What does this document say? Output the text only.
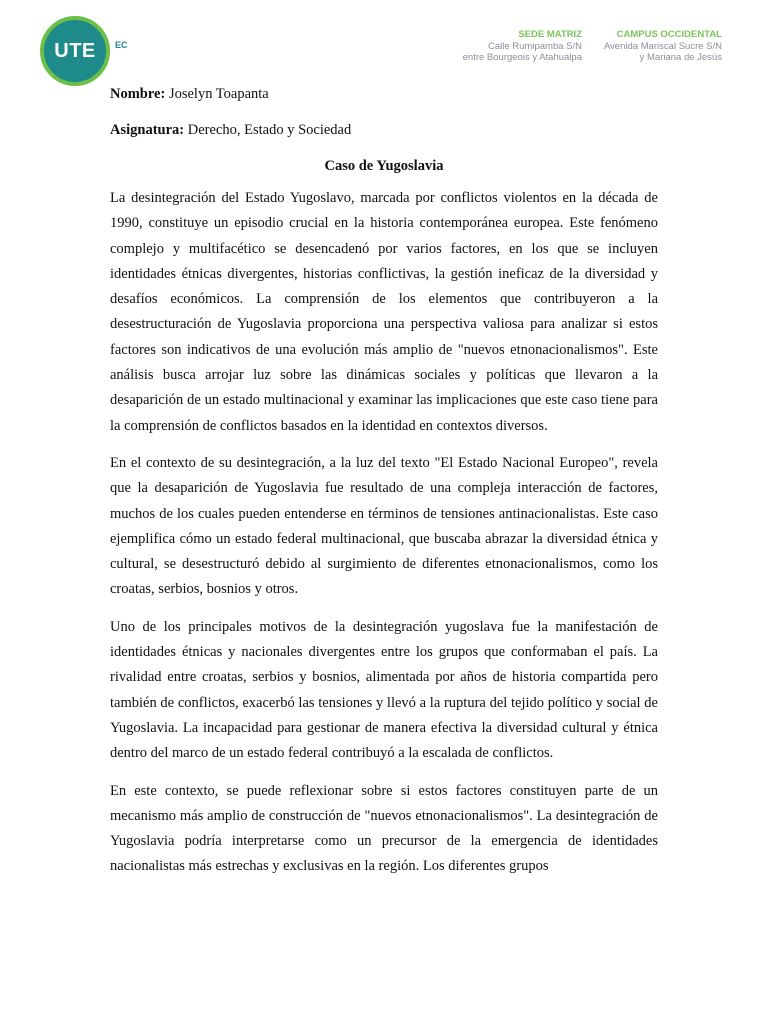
UTE EC
SEDE MATRIZ
Calle Rumipamba S/N
entre Bourgeois y Atahualpa
CAMPUS OCCIDENTAL
Avenida Mariscal Sucre S/N
y Mariana de Jesús

Nombre: Joselyn Toapanta

Asignatura: Derecho, Estado y Sociedad

Caso de Yugoslavia

La desintegración del Estado Yugoslavo, marcada por conflictos violentos en la década de 1990, constituye un episodio crucial en la historia contemporánea europea. Este fenómeno complejo y multifacético se desencadenó por varios factores, en los que se incluyen identidades étnicas divergentes, historias conflictivas, la gestión ineficaz de la diversidad y desafíos económicos. La comprensión de los elementos que contribuyeron a la desestructuración de Yugoslavia proporciona una perspectiva valiosa para analizar si estos factores son indicativos de una evolución más amplio de "nuevos etnonacionalismos". Este análisis busca arrojar luz sobre las dinámicas sociales y políticas que llevaron a la desaparición de un estado multinacional y examinar las implicaciones que este caso tiene para la comprensión de conflictos basados en la identidad en contextos diversos.

En el contexto de su desintegración, a la luz del texto "El Estado Nacional Europeo", revela que la desaparición de Yugoslavia fue resultado de una compleja interacción de factores, muchos de los cuales pueden entenderse en términos de tensiones antinacionalistas. Este caso ejemplifica cómo un estado federal multinacional, que buscaba abrazar la diversidad étnica y cultural, se desestructuró debido al surgimiento de diferentes etnonacionalismos, como los croatas, serbios, bosnios y otros.

Uno de los principales motivos de la desintegración yugoslava fue la manifestación de identidades étnicas y nacionales divergentes entre los grupos que conformaban el país. La rivalidad entre croatas, serbios y bosnios, alimentada por años de historia compartida pero también de conflictos, exacerbó las tensiones y llevó a la ruptura del tejido político y social de Yugoslavia. La incapacidad para gestionar de manera efectiva la diversidad cultural y étnica dentro del marco de un estado federal contribuyó a la escalada de conflictos.

En este contexto, se puede reflexionar sobre si estos factores constituyen parte de un mecanismo más amplio de construcción de "nuevos etnonacionalismos". La desintegración de Yugoslavia podría interpretarse como un precursor de la emergencia de identidades nacionalistas más estrechas y exclusivas en la región. Los diferentes grupos
